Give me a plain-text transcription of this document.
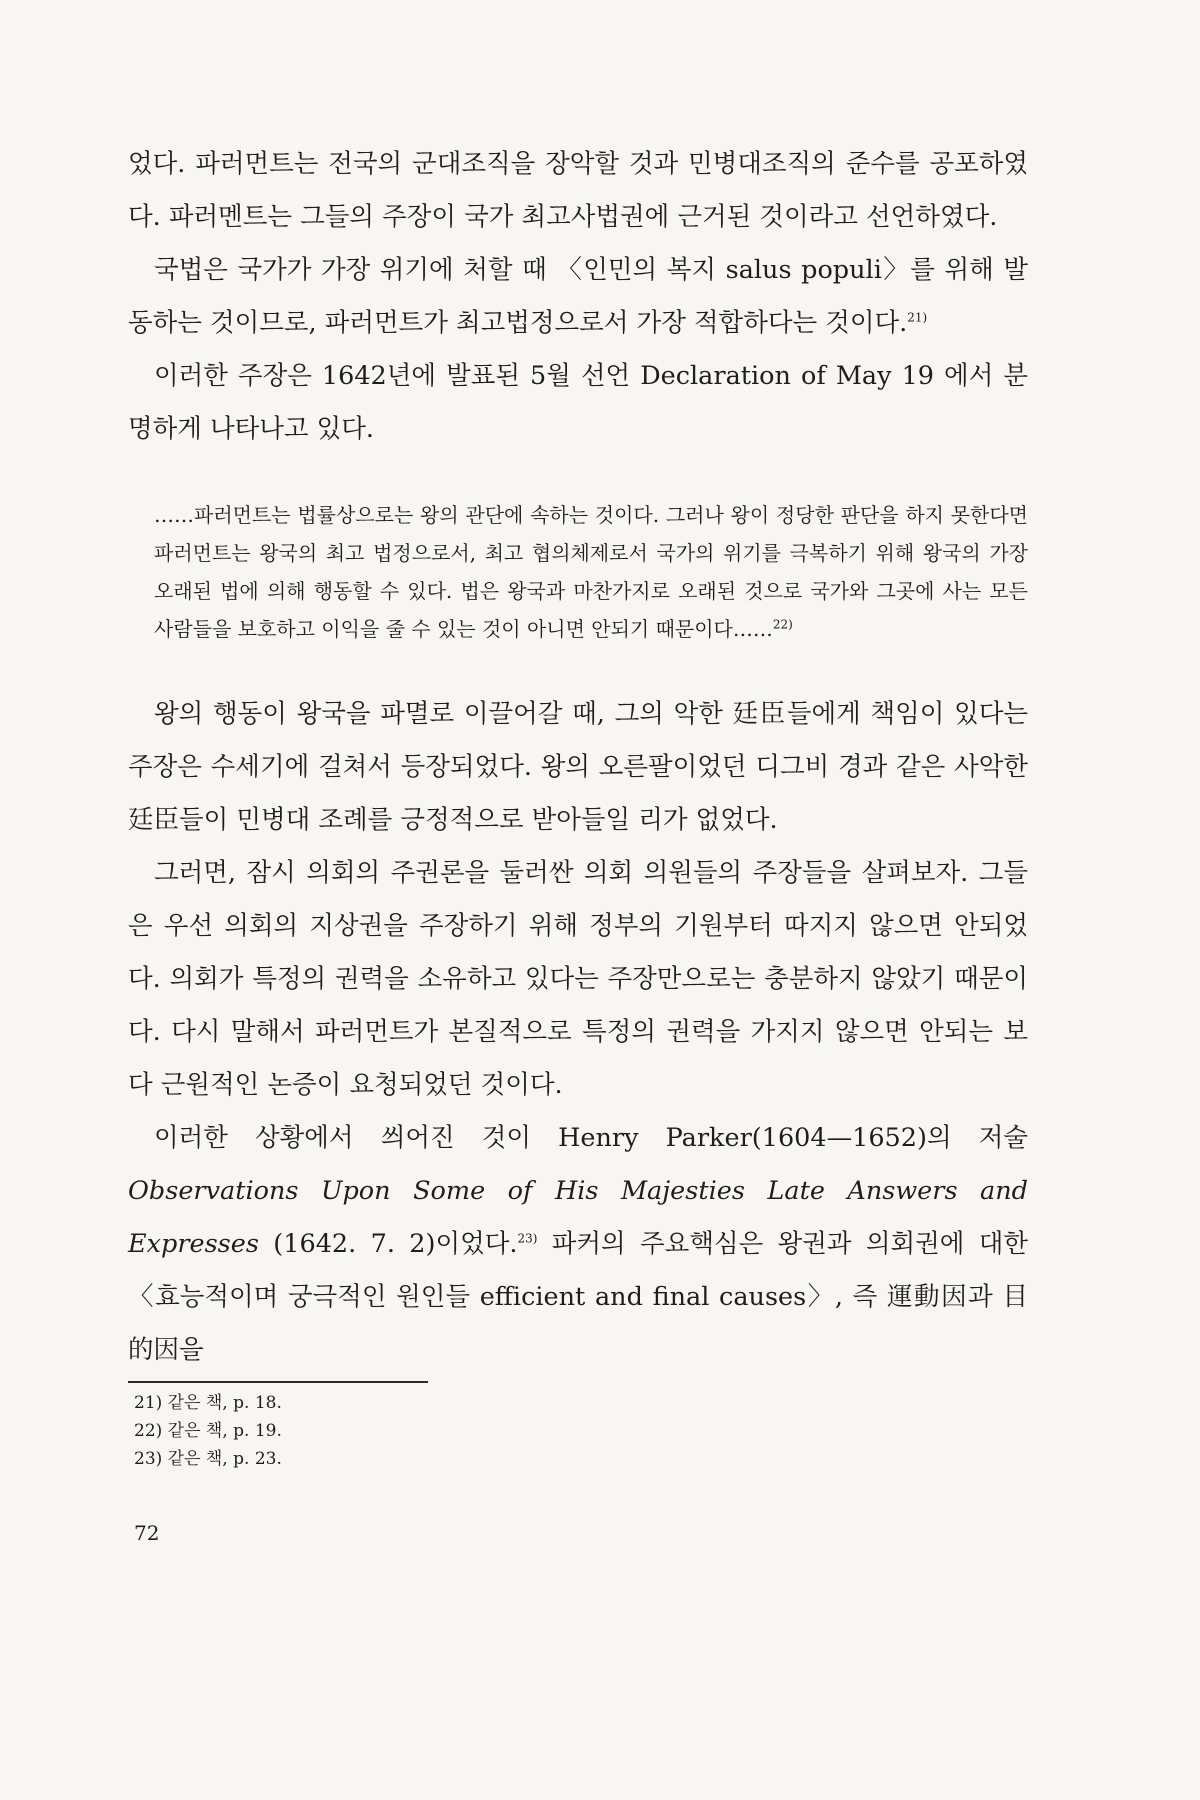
었다. 파러먼트는 전국의 군대조직을 장악할 것과 민병대조직의 준수를 공포하였다. 파러멘트는 그들의 주장이 국가 최고사법권에 근거된 것이라고 선언하였다.

국법은 국가가 가장 위기에 처할 때 〈인민의 복지 salus populi〉를 위해 발동하는 것이므로, 파러먼트가 최고법정으로서 가장 적합하다는 것이다.$^{21)}$

이러한 주장은 1642년에 발표된 5월 선언 Declaration of May 19 에서 분명하게 나타나고 있다.

……파러먼트는 법률상으로는 왕의 관단에 속하는 것이다. 그러나 왕이 정당한 판단을 하지 못한다면 파러먼트는 왕국의 최고 법정으로서, 최고 협의체제로서 국가의 위기를 극복하기 위해 왕국의 가장 오래된 법에 의해 행동할 수 있다. 법은 왕국과 마찬가지로 오래된 것으로 국가와 그곳에 사는 모든 사람들을 보호하고 이익을 줄 수 있는 것이 아니면 안되기 때문이다……$^{22)}$

왕의 행동이 왕국을 파멸로 이끌어갈 때, 그의 악한 廷臣들에게 책임이 있다는 주장은 수세기에 걸쳐서 등장되었다. 왕의 오른팔이었던 디그비 경과 같은 사악한 廷臣들이 민병대 조례를 긍정적으로 받아들일 리가 없었다.

그러면, 잠시 의회의 주권론을 둘러싼 의회 의원들의 주장들을 살펴보자. 그들은 우선 의회의 지상권을 주장하기 위해 정부의 기원부터 따지지 않으면 안되었다. 의회가 특정의 권력을 소유하고 있다는 주장만으로는 충분하지 않았기 때문이다. 다시 말해서 파러먼트가 본질적으로 특정의 권력을 가지지 않으면 안되는 보다 근원적인 논증이 요청되었던 것이다.

이러한 상황에서 씌어진 것이 Henry Parker(1604—1652)의 저술 Observations Upon Some of His Majesties Late Answers and Expresses (1642. 7. 2)이었다.$^{23)}$ 파커의 주요핵심은 왕권과 의회권에 대한 〈효능적이며 궁극적인 원인들 efficient and final causes〉, 즉 運動因과 目的因을

21) 같은 책, p. 18.
22) 같은 책, p. 19.
23) 같은 책, p. 23.
72
